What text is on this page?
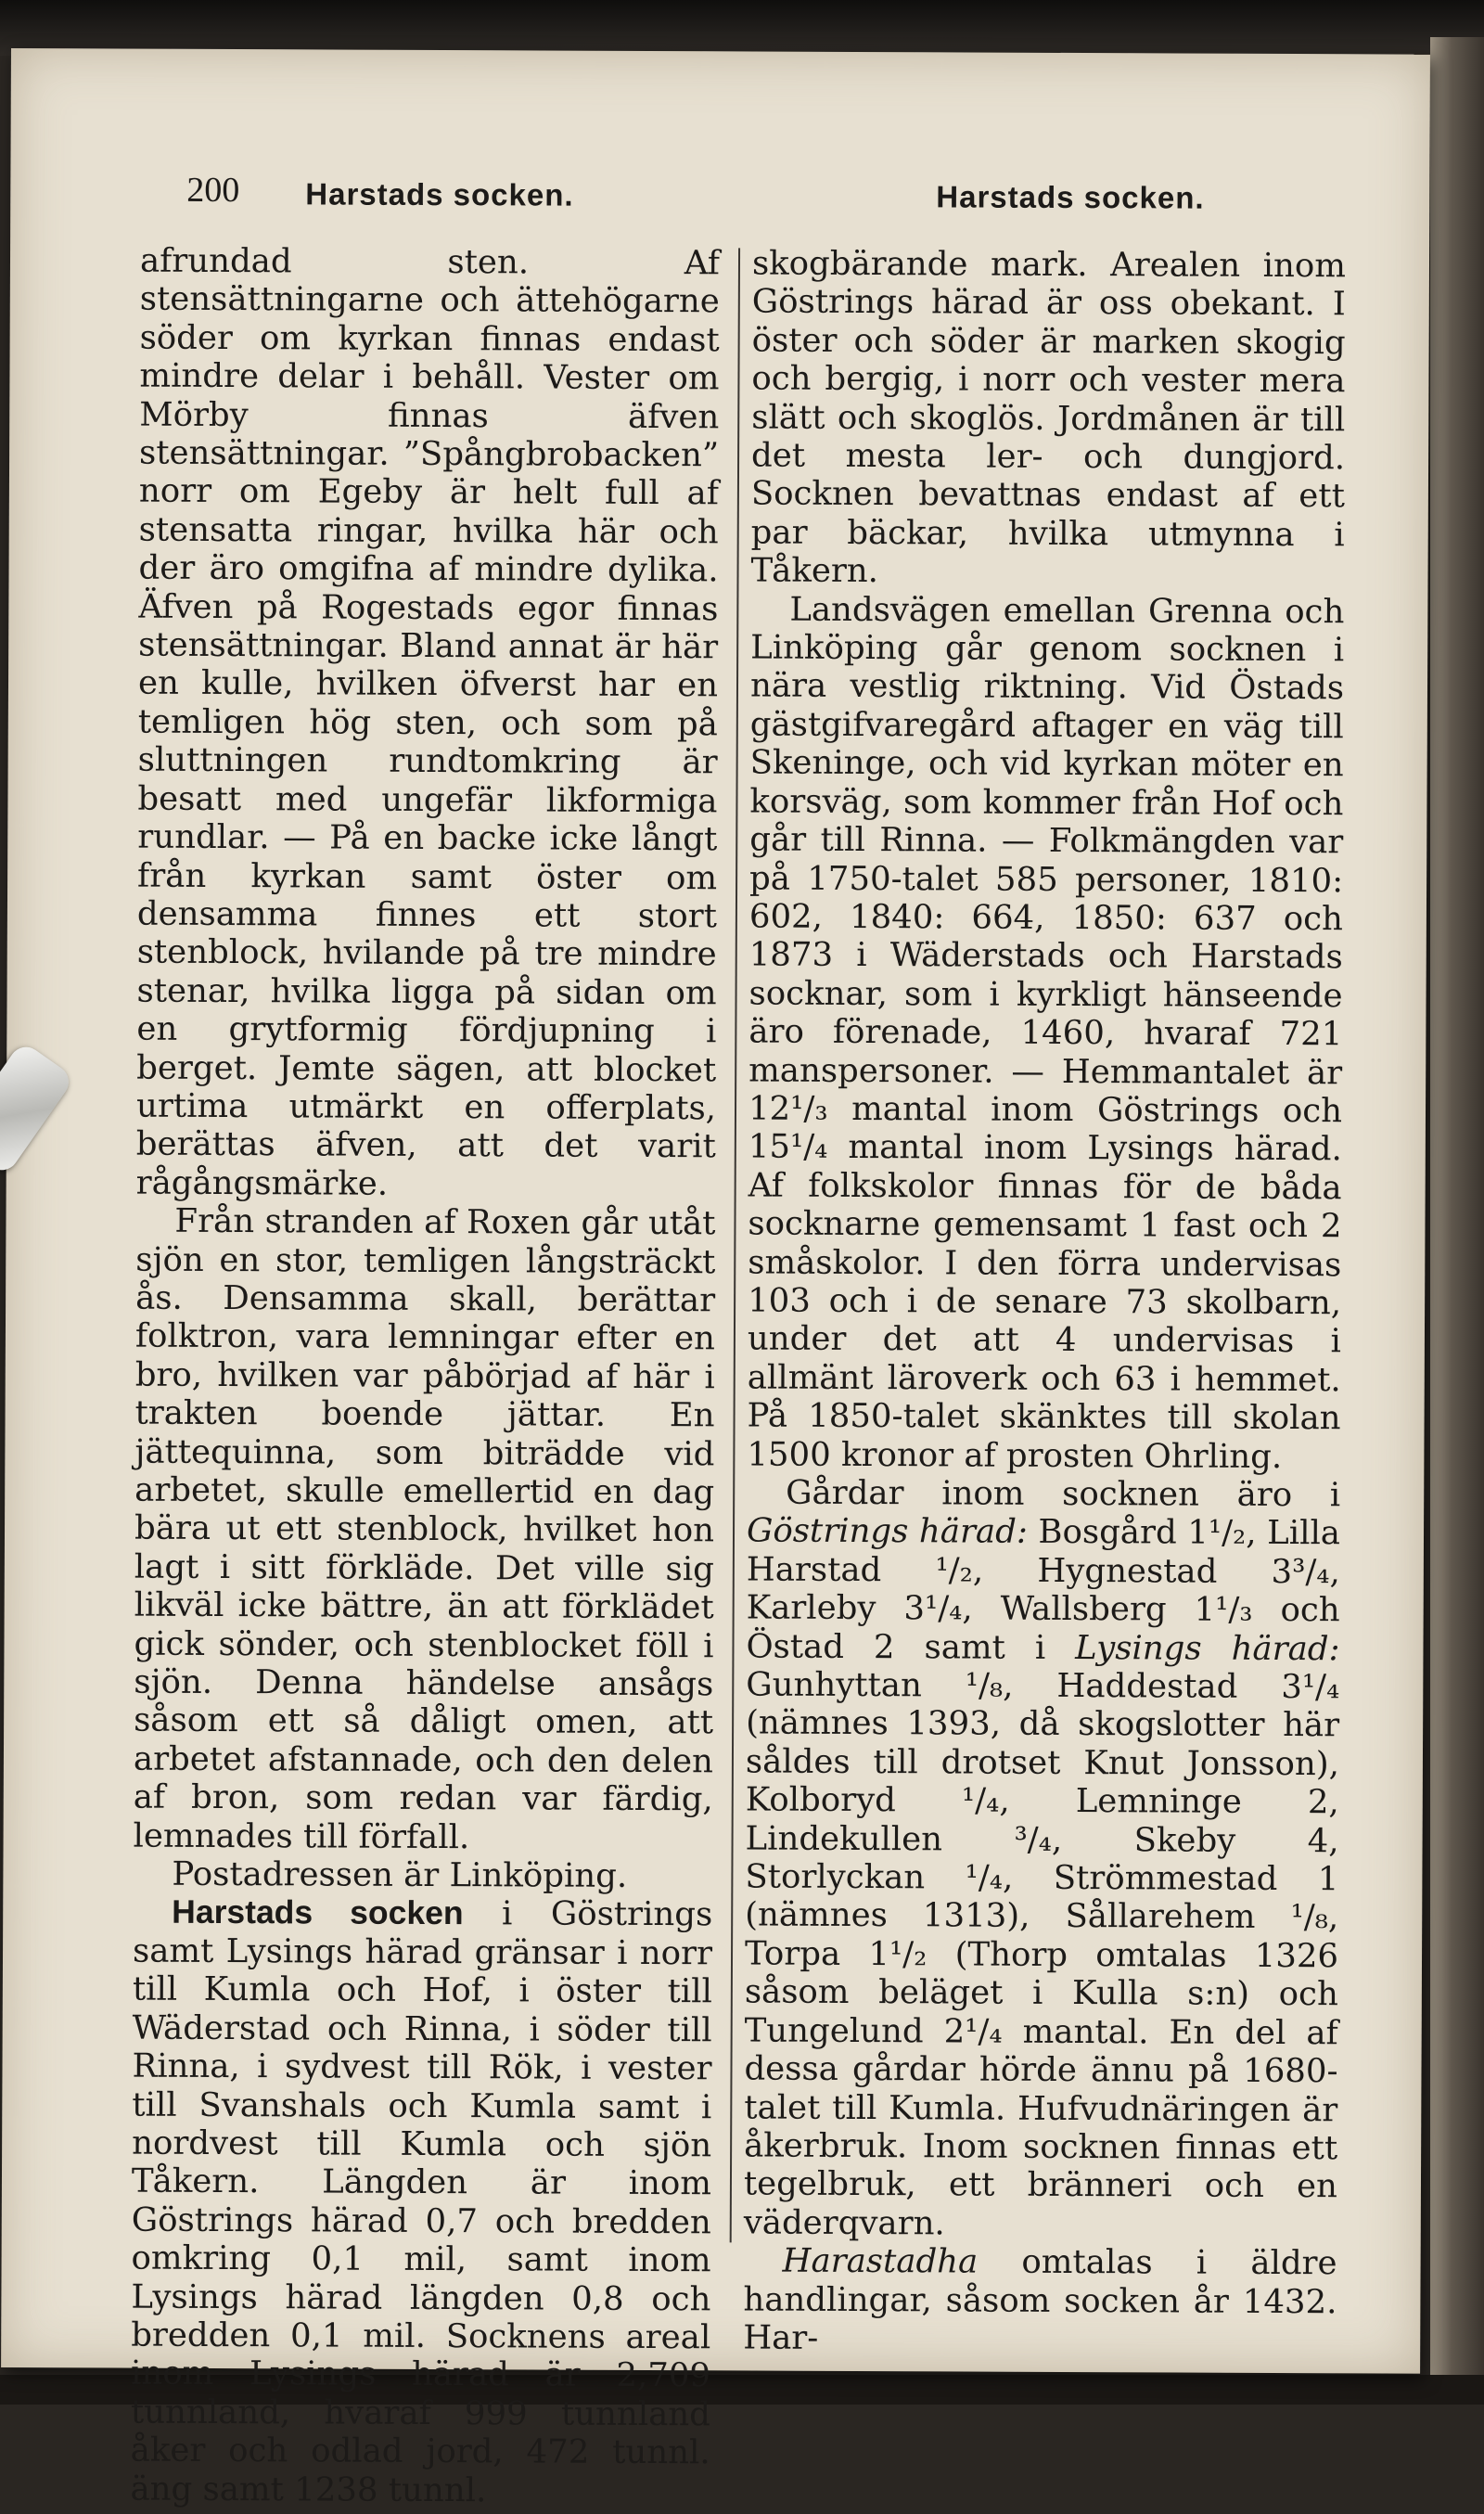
200 Harstads socken.	Harstads socken.

afrundad sten. Af stensättningarne och ättehögarne söder om kyrkan finnas endast mindre delar i behåll. Vester om Mörby finnas äfven stensättningar. ”Spångbrobacken” norr om Egeby är helt full af stensatta ringar, hvilka här och der äro omgifna af mindre dylika. Äfven på Rogestads egor finnas stensättningar. Bland annat är här en kulle, hvilken öfverst har en temligen hög sten, och som på sluttningen rundtomkring är besatt med ungefär likformiga rundlar. — På en backe icke långt från kyrkan samt öster om densamma finnes ett stort stenblock, hvilande på tre mindre stenar, hvilka ligga på sidan om en grytformig fördjupning i berget. Jemte sägen, att blocket urtima utmärkt en offerplats, berättas äfven, att det varit rågångsmärke.

Från stranden af Roxen går utåt sjön en stor, temligen långsträckt ås. Densamma skall, berättar folktron, vara lemningar efter en bro, hvilken var påbörjad af här i trakten boende jättar. En jättequinna, som biträdde vid arbetet, skulle emellertid en dag bära ut ett stenblock, hvilket hon lagt i sitt förkläde. Det ville sig likväl icke bättre, än att förklädet gick sönder, och stenblocket föll i sjön. Denna händelse ansågs såsom ett så dåligt omen, att arbetet afstannade, och den delen af bron, som redan var färdig, lemnades till förfall.

Postadressen är Linköping.

Harstads socken i Göstrings samt Lysings härad gränsar i norr till Kumla och Hof, i öster till Wäderstad och Rinna, i söder till Rinna, i sydvest till Rök, i vester till Svanshals och Kumla samt i nordvest till Kumla och sjön Tåkern. Längden är inom Göstrings härad 0,7 och bredden omkring 0,1 mil, samt inom Lysings härad längden 0,8 och bredden 0,1 mil. Socknens areal inom Lysings härad är 2,709 tunnland, hvaraf 999 tunnland åker och odlad jord, 472 tunnl. äng samt 1238 tunnl.

skogbärande mark. Arealen inom Göstrings härad är oss obekant. I öster och söder är marken skogig och bergig, i norr och vester mera slätt och skoglös. Jordmånen är till det mesta ler- och dungjord. Socknen bevattnas endast af ett par bäckar, hvilka utmynna i Tåkern.

Landsvägen emellan Grenna och Linköping går genom socknen i nära vestlig riktning. Vid Östads gästgifvaregård aftager en väg till Skeninge, och vid kyrkan möter en korsväg, som kommer från Hof och går till Rinna. — Folkmängden var på 1750-talet 585 personer, 1810: 602, 1840: 664, 1850: 637 och 1873 i Wäderstads och Harstads socknar, som i kyrkligt hänseende äro förenade, 1460, hvaraf 721 manspersoner. — Hemmantalet är 12¹/₃ mantal inom Göstrings och 15¹/₄ mantal inom Lysings härad. Af folkskolor finnas för de båda socknarne gemensamt 1 fast och 2 småskolor. I den förra undervisas 103 och i de senare 73 skolbarn, under det att 4 undervisas i allmänt läroverk och 63 i hemmet. På 1850-talet skänktes till skolan 1500 kronor af prosten Ohrling.

Gårdar inom socknen äro i Göstrings härad: Bosgård 1¹/₂, Lilla Harstad ¹/₂, Hygnestad 3³/₄, Karleby 3¹/₄, Wallsberg 1¹/₃ och Östad 2 samt i Lysings härad: Gunhyttan ¹/₈, Haddestad 3¹/₄ (nämnes 1393, då skogslotter här såldes till drotset Knut Jonsson), Kolboryd ¹/₄, Lemninge 2, Lindekullen ³/₄, Skeby 4, Storlyckan ¹/₄, Strömmestad 1 (nämnes 1313), Sållarehem ¹/₈, Torpa 1¹/₂ (Thorp omtalas 1326 såsom beläget i Kulla s:n) och Tungelund 2¹/₄ mantal. En del af dessa gårdar hörde ännu på 1680-talet till Kumla. Hufvudnäringen är åkerbruk. Inom socknen finnas ett tegelbruk, ett bränneri och en väderqvarn.

Harastadha omtalas i äldre handlingar, såsom socken år 1432. Har-
